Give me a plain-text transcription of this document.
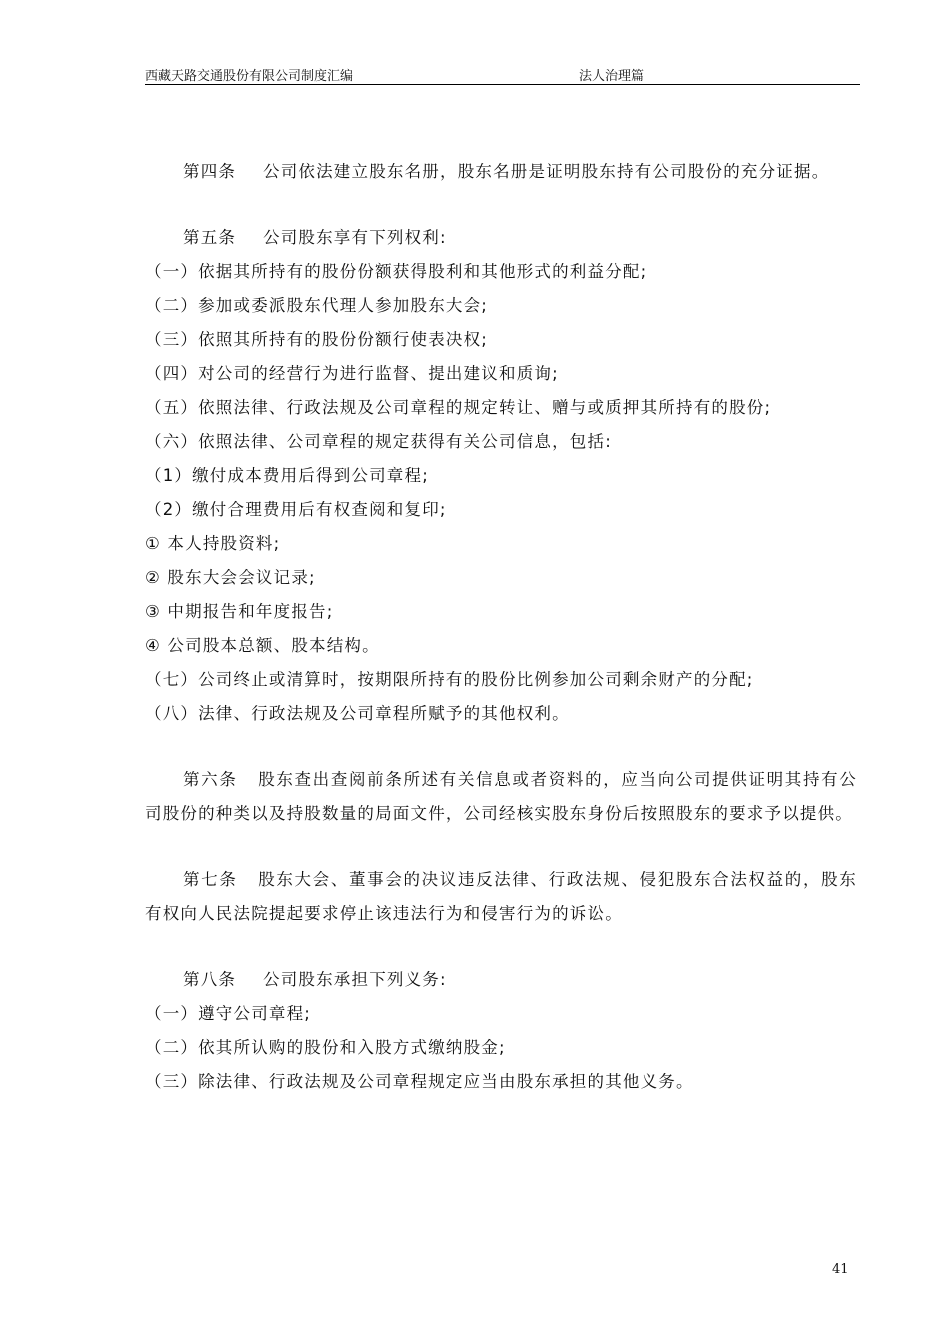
西藏天路交通股份有限公司制度汇编	法人治理篇
第四条 公司依法建立股东名册，股东名册是证明股东持有公司股份的充分证据。
第五条 公司股东享有下列权利:
（一）依据其所持有的股份份额获得股利和其他形式的利益分配;
（二）参加或委派股东代理人参加股东大会;
（三）依照其所持有的股份份额行使表决权;
（四）对公司的经营行为进行监督、提出建议和质询;
（五）依照法律、行政法规及公司章程的规定转让、赠与或质押其所持有的股份;
（六）依照法律、公司章程的规定获得有关公司信息，包括:
（1）缴付成本费用后得到公司章程;
（2）缴付合理费用后有权查阅和复印;
① 本人持股资料;
② 股东大会会议记录;
③ 中期报告和年度报告;
④ 公司股本总额、股本结构。
（七）公司终止或清算时，按期限所持有的股份比例参加公司剩余财产的分配;
（八）法律、行政法规及公司章程所赋予的其他权利。

第六条 股东查出查阅前条所述有关信息或者资料的，应当向公司提供证明其持有公司股份的种类以及持股数量的局面文件，公司经核实股东身份后按照股东的要求予以提供。

第七条 股东大会、董事会的决议违反法律、行政法规、侵犯股东合法权益的，股东有权向人民法院提起要求停止该违法行为和侵害行为的诉讼。

第八条 公司股东承担下列义务:
（一）遵守公司章程;
（二）依其所认购的股份和入股方式缴纳股金;
（三）除法律、行政法规及公司章程规定应当由股东承担的其他义务。
41
